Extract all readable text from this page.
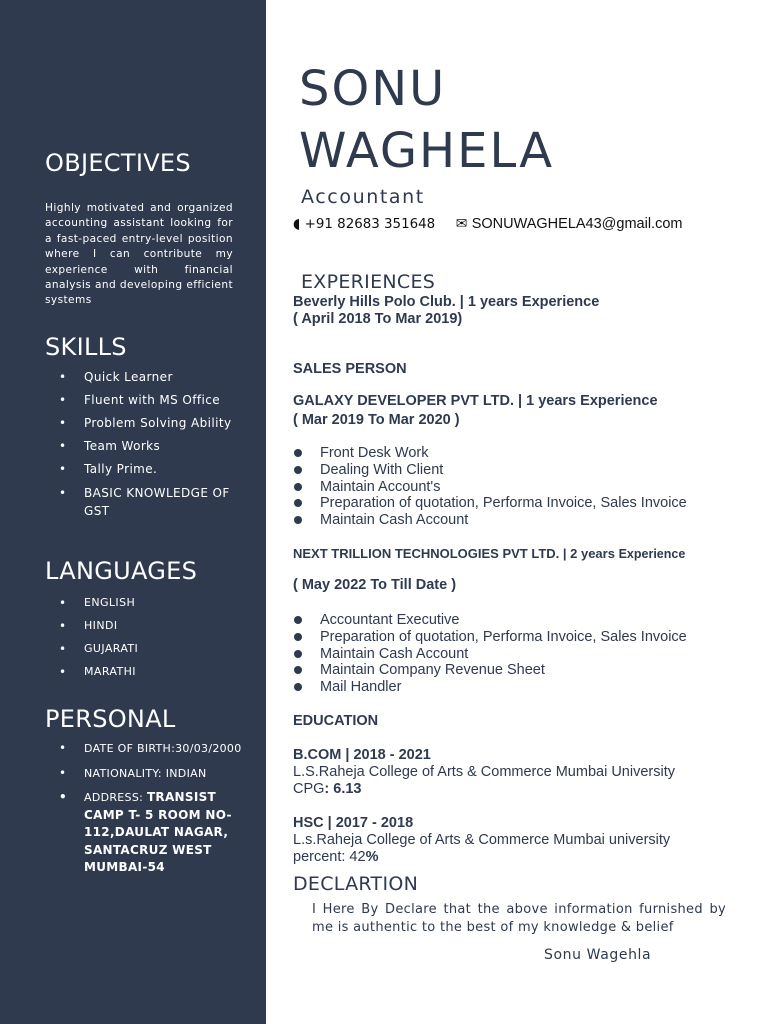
OBJECTIVES

Highly motivated and organized accounting assistant looking for a fast-paced entry-level position where I can contribute my experience with financial analysis and developing efficient systems

SKILLS
• Quick Learner
• Fluent with MS Office
• Problem Solving Ability
• Team Works
• Tally Prime.
• BASIC KNOWLEDGE OF GST
LANGUAGES
• ENGLISH
• HINDI
• GUJARATI
• MARATHI
PERSONAL
• DATE OF BIRTH:30/03/2000
• NATIONALITY: INDIAN
• ADDRESS: TRANSIST CAMP T- 5 ROOM NO-112,DAULAT NAGAR, SANTACRUZ WEST MUMBAI-54
SONU
WAGHELA
Accountant
◖ +91 82683 351648 ✉ SONUWAGHELA43@gmail.com
EXPERIENCES
Beverly Hills Polo Club. | 1 years Experience
( April 2018 To Mar 2019)
SALES PERSON
GALAXY DEVELOPER PVT LTD. | 1 years Experience
( Mar 2019 To Mar 2020 )
Front Desk Work
Dealing With Client
Maintain Account's
Preparation of quotation, Performa Invoice, Sales Invoice
Maintain Cash Account
NEXT TRILLION TECHNOLOGIES PVT LTD. | 2 years Experience
( May 2022 To Till Date )
Accountant Executive
Preparation of quotation, Performa Invoice, Sales Invoice
Maintain Cash Account
Maintain Company Revenue Sheet
Mail Handler
EDUCATION
B.COM | 2018 - 2021
L.S.Raheja College of Arts & Commerce Mumbai University
CPG: 6.13
HSC | 2017 - 2018
L.s.Raheja College of Arts & Commerce Mumbai university
percent: 42%
DECLARTION

I Here By Declare that the above information furnished by me is authentic to the best of my knowledge & belief

Sonu Wagehla
